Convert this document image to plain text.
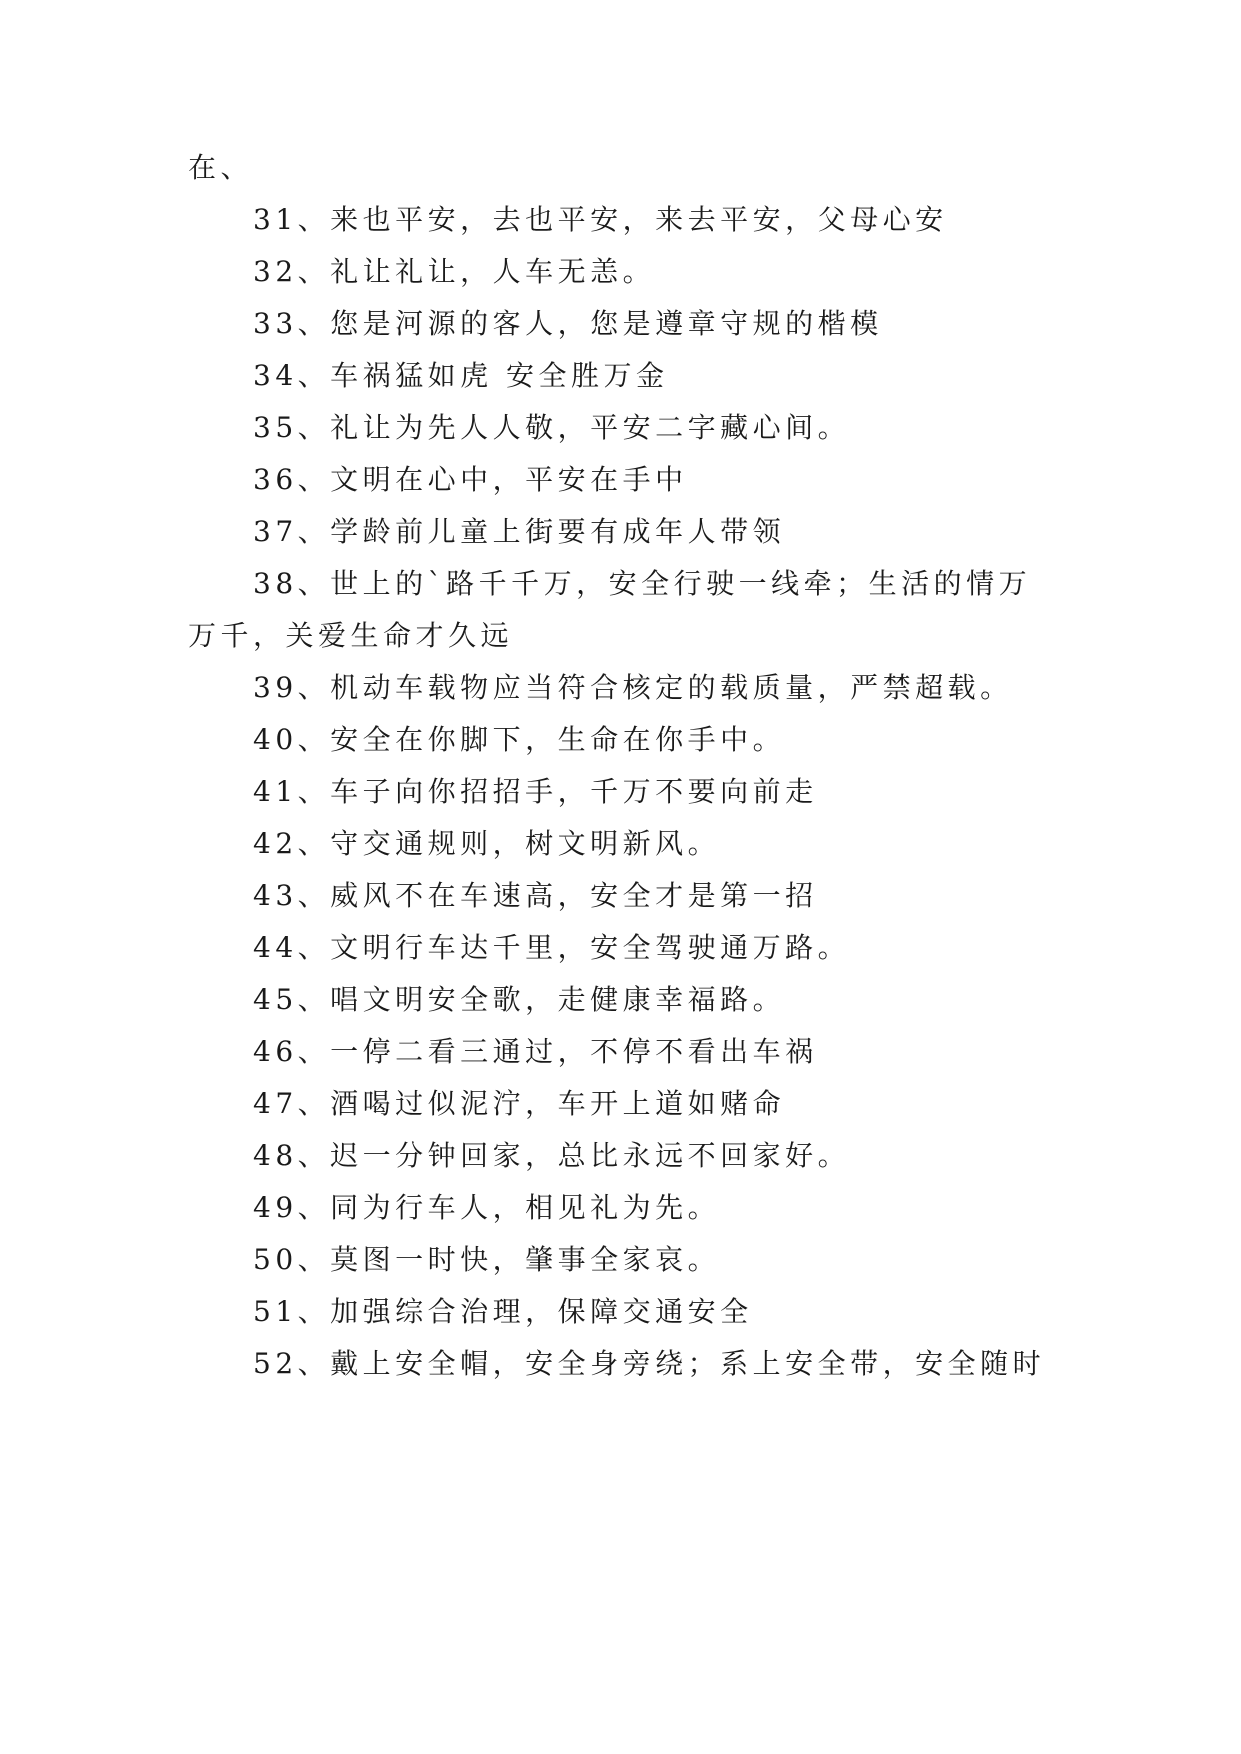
在、
31、来也平安，去也平安，来去平安，父母心安
32、礼让礼让，人车无恙。
33、您是河源的客人，您是遵章守规的楷模
34、车祸猛如虎 安全胜万金
35、礼让为先人人敬，平安二字藏心间。
36、文明在心中，平安在手中
37、学龄前儿童上街要有成年人带领
38、世上的`路千千万，安全行驶一线牵；生活的情万
万千，关爱生命才久远
39、机动车载物应当符合核定的载质量，严禁超载。
40、安全在你脚下，生命在你手中。
41、车子向你招招手，千万不要向前走
42、守交通规则，树文明新风。
43、威风不在车速高，安全才是第一招
44、文明行车达千里，安全驾驶通万路。
45、唱文明安全歌，走健康幸福路。
46、一停二看三通过，不停不看出车祸
47、酒喝过似泥泞，车开上道如赌命
48、迟一分钟回家，总比永远不回家好。
49、同为行车人，相见礼为先。
50、莫图一时快，肇事全家哀。
51、加强综合治理，保障交通安全
52、戴上安全帽，安全身旁绕；系上安全带，安全随时
